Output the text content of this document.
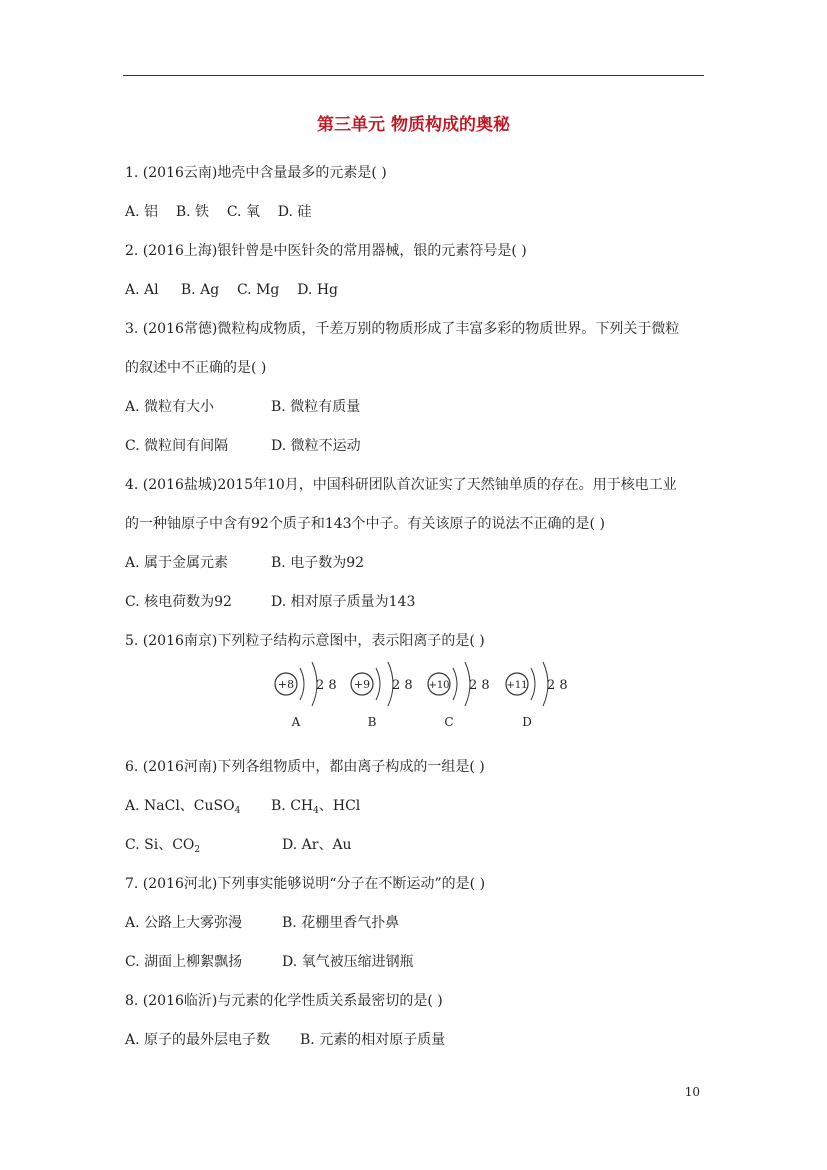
第三单元 物质构成的奥秘
1. (2016云南)地壳中含量最多的元素是( )
A. 铝 B. 铁 C. 氧 D. 硅
2. (2016上海)银针曾是中医针灸的常用器械，银的元素符号是( )
A. Al B. Ag C. Mg D. Hg
3. (2016常德)微粒构成物质，千差万别的物质形成了丰富多彩的物质世界。下列关于微粒
的叙述中不正确的是( )
A. 微粒有大小	B. 微粒有质量
C. 微粒间有间隔	D. 微粒不运动
4. (2016盐城)2015年10月，中国科研团队首次证实了天然铀单质的存在。用于核电工业
的一种铀原子中含有92个质子和143个中子。有关该原子的说法不正确的是( )
A. 属于金属元素	B. 电子数为92
C. 核电荷数为92	D. 相对原子质量为143
5. (2016南京)下列粒子结构示意图中，表示阳离子的是( )
+8 2 8
A
+9 2 8
B
+10 2 8
C
+11 2 8
D
6. (2016河南)下列各组物质中，都由离子构成的一组是( )
A. NaCl、CuSO$_4$ B. $CH_4$、HCl
C. Si、$CO_2$	D. Ar、Au
7. (2016河北)下列事实能够说明“分子在不断运动”的是( )
A. 公路上大雾弥漫	B. 花棚里香气扑鼻
C. 湖面上柳絮飘扬	D. 氧气被压缩进钢瓶
8. (2016临沂)与元素的化学性质关系最密切的是( )
A. 原子的最外层电子数 B. 元素的相对原子质量
10
